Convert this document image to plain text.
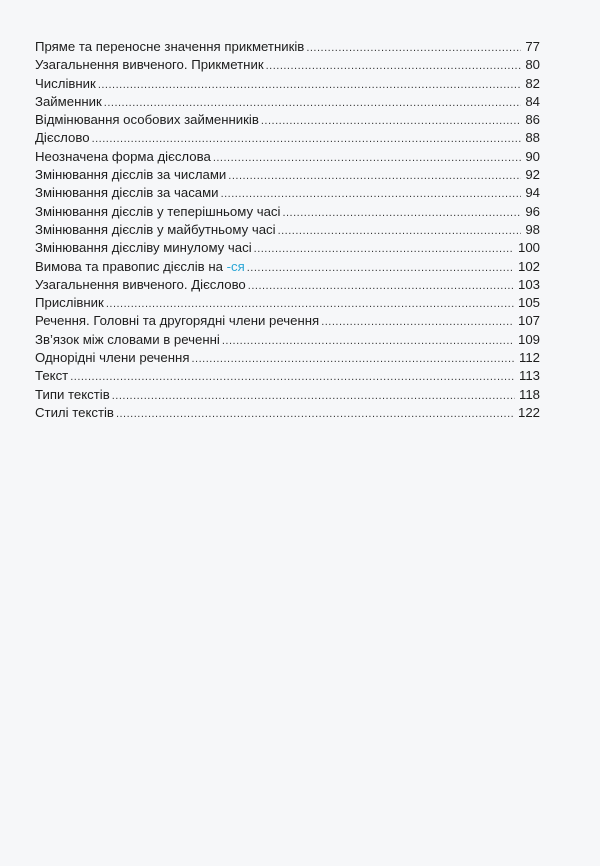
Пряме та переносне значення прикметників .....	77
Узагальнення вивченого. Прикметник .....	80
Числівник .....	82
Займенник .....	84
Відмінювання особових займенників .....	86
Дієслово .....	88
Неозначена форма дієслова .....	90
Змінювання дієслів за числами .....	92
Змінювання дієслів за часами .....	94
Змінювання дієслів у теперішньому часі .....	96
Змінювання дієслів у майбутньому часі .....	98
Змінювання дієсліву минулому часі .....	100
Вимова та правопис дієслів на -ся .....	102
Узагальнення вивченого. Дієслово .....	103
Прислівник .....	105
Речення. Головні та другорядні члени речення .....	107
Зв’язок між словами в реченні .....	109
Однорідні члени речення .....	112
Текст .....	113
Типи текстів .....	118
Стилі текстів .....	122
